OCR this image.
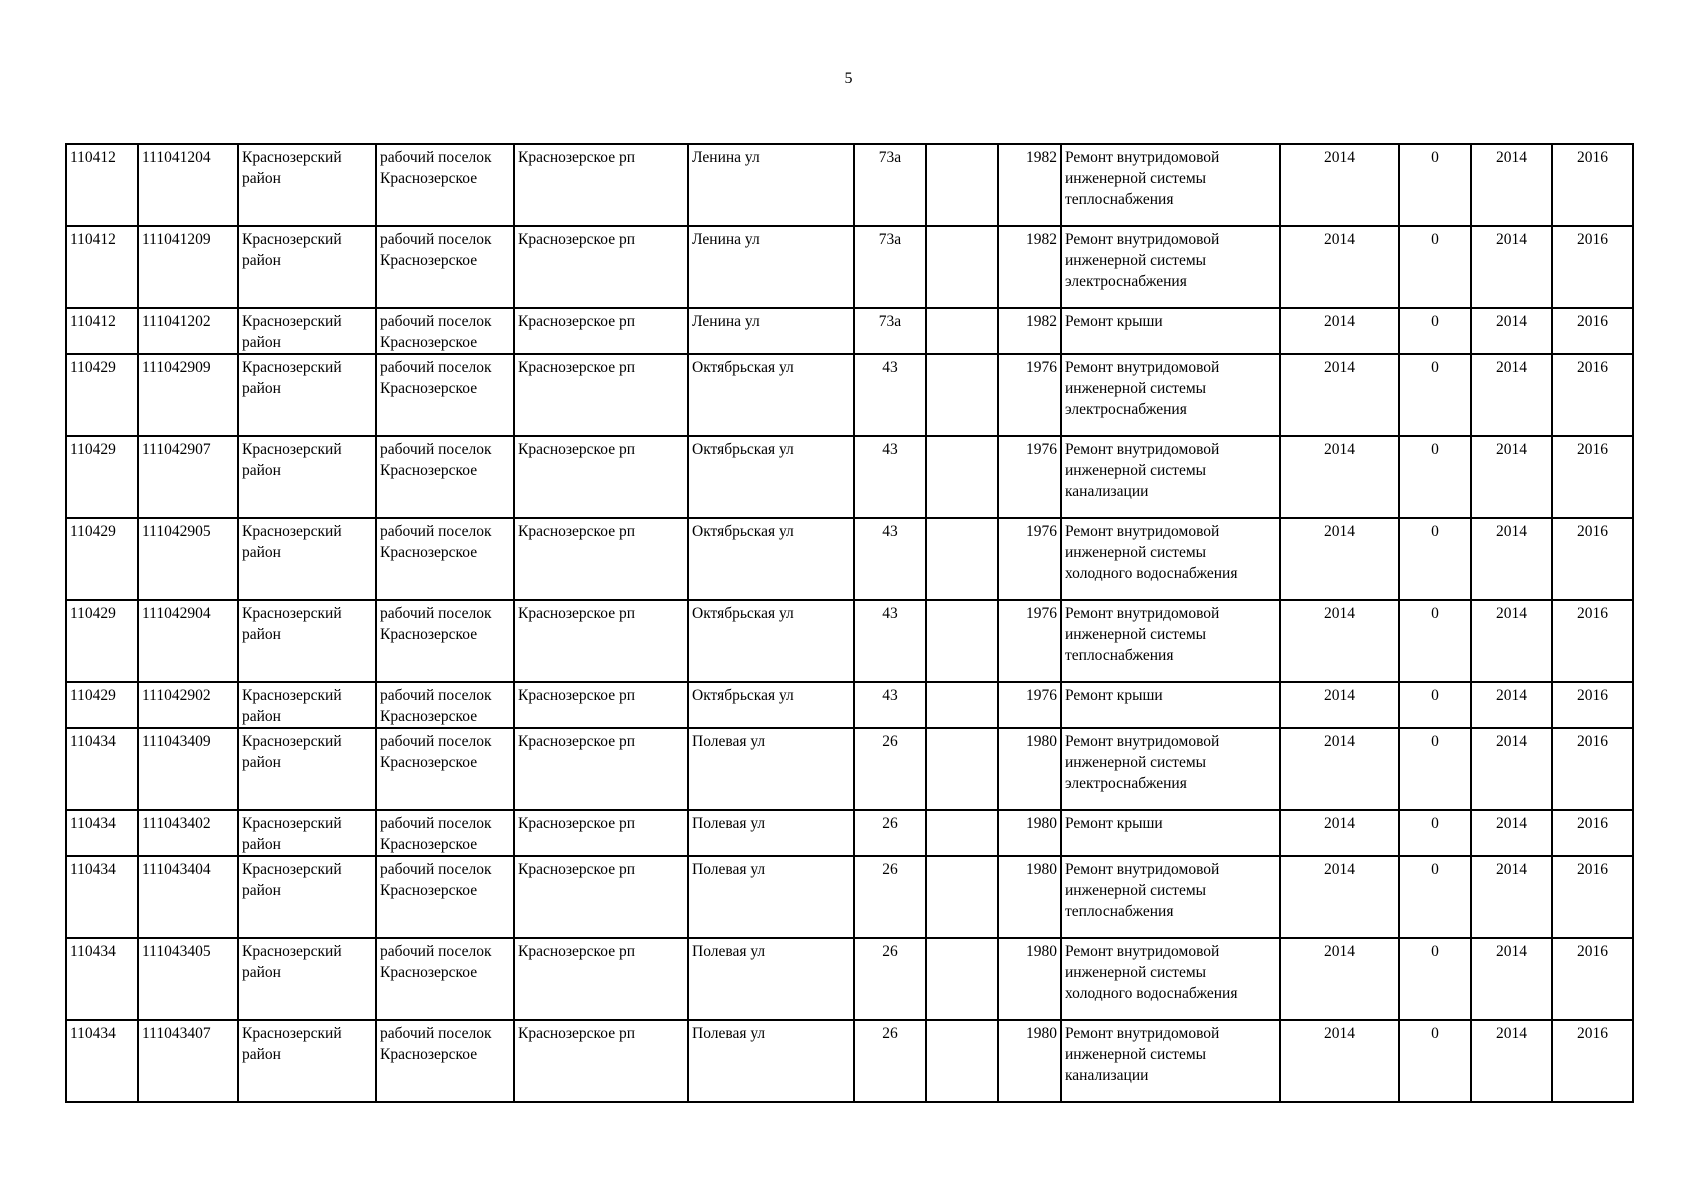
5
110412	111041204	Краснозерский район	рабочий поселок Краснозерское	Краснозерское рп	Ленина ул	73а		1982	Ремонт внутридомовой инженерной системы теплоснабжения	2014	0	2014	2016
110412	111041209	Краснозерский район	рабочий поселок Краснозерское	Краснозерское рп	Ленина ул	73а		1982	Ремонт внутридомовой инженерной системы электроснабжения	2014	0	2014	2016
110412	111041202	Краснозерский район	рабочий поселок Краснозерское	Краснозерское рп	Ленина ул	73а		1982	Ремонт крыши	2014	0	2014	2016
110429	111042909	Краснозерский район	рабочий поселок Краснозерское	Краснозерское рп	Октябрьская ул	43		1976	Ремонт внутридомовой инженерной системы электроснабжения	2014	0	2014	2016
110429	111042907	Краснозерский район	рабочий поселок Краснозерское	Краснозерское рп	Октябрьская ул	43		1976	Ремонт внутридомовой инженерной системы канализации	2014	0	2014	2016
110429	111042905	Краснозерский район	рабочий поселок Краснозерское	Краснозерское рп	Октябрьская ул	43		1976	Ремонт внутридомовой инженерной системы холодного водоснабжения	2014	0	2014	2016
110429	111042904	Краснозерский район	рабочий поселок Краснозерское	Краснозерское рп	Октябрьская ул	43		1976	Ремонт внутридомовой инженерной системы теплоснабжения	2014	0	2014	2016
110429	111042902	Краснозерский район	рабочий поселок Краснозерское	Краснозерское рп	Октябрьская ул	43		1976	Ремонт крыши	2014	0	2014	2016
110434	111043409	Краснозерский район	рабочий поселок Краснозерское	Краснозерское рп	Полевая ул	26		1980	Ремонт внутридомовой инженерной системы электроснабжения	2014	0	2014	2016
110434	111043402	Краснозерский район	рабочий поселок Краснозерское	Краснозерское рп	Полевая ул	26		1980	Ремонт крыши	2014	0	2014	2016
110434	111043404	Краснозерский район	рабочий поселок Краснозерское	Краснозерское рп	Полевая ул	26		1980	Ремонт внутридомовой инженерной системы теплоснабжения	2014	0	2014	2016
110434	111043405	Краснозерский район	рабочий поселок Краснозерское	Краснозерское рп	Полевая ул	26		1980	Ремонт внутридомовой инженерной системы холодного водоснабжения	2014	0	2014	2016
110434	111043407	Краснозерский район	рабочий поселок Краснозерское	Краснозерское рп	Полевая ул	26		1980	Ремонт внутридомовой инженерной системы канализации	2014	0	2014	2016
